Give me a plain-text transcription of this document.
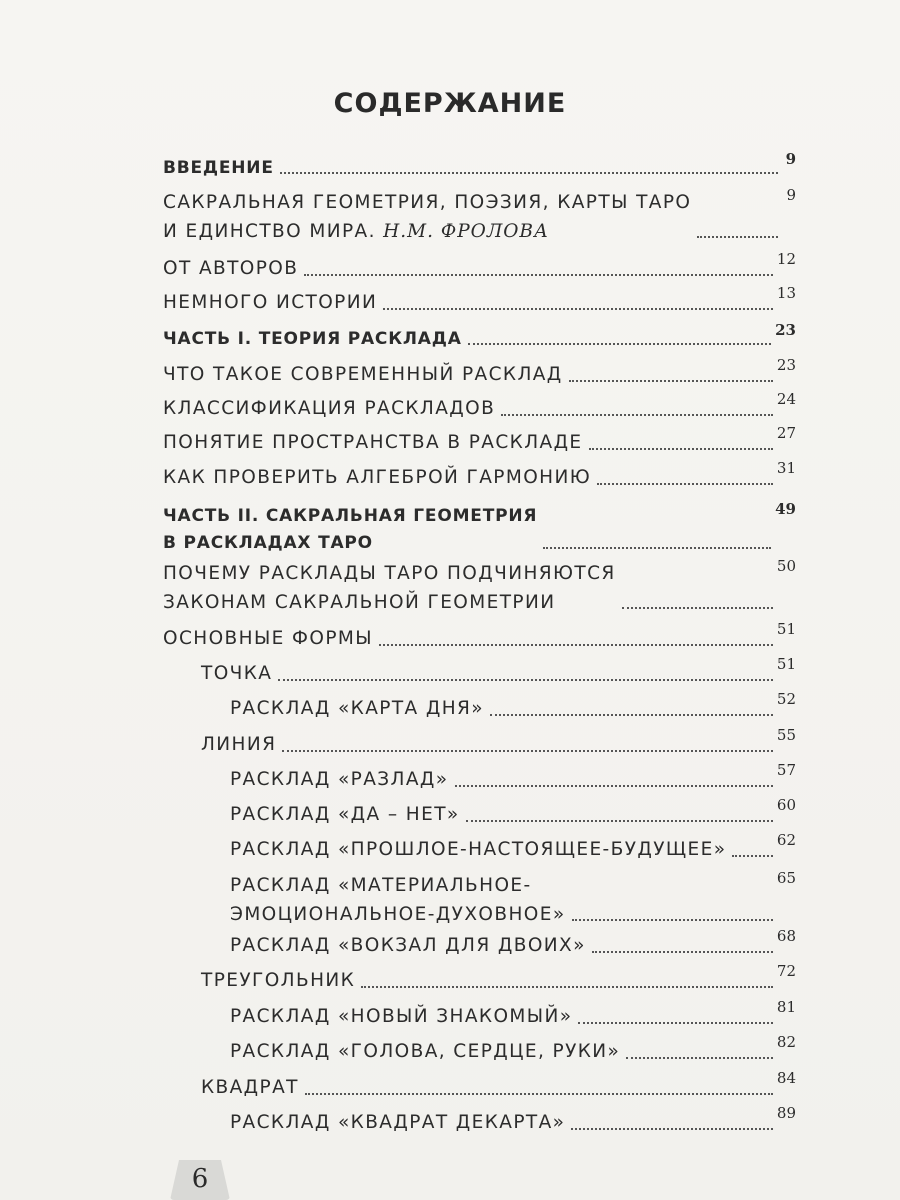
СОДЕРЖАНИЕ
ВВЕДЕНИЕ	9
САКРАЛЬНАЯ ГЕОМЕТРИЯ, ПОЭЗИЯ, КАРТЫ ТАРО
И ЕДИНСТВО МИРА. Н.М. ФРОЛОВА
9
ОТ АВТОРОВ	12
НЕМНОГО ИСТОРИИ	13
ЧАСТЬ I. ТЕОРИЯ РАСКЛАДА	23
ЧТО ТАКОЕ СОВРЕМЕННЫЙ РАСКЛАД	23
КЛАССИФИКАЦИЯ РАСКЛАДОВ	24
ПОНЯТИЕ ПРОСТРАНСТВА В РАСКЛАДЕ	27
КАК ПРОВЕРИТЬ АЛГЕБРОЙ ГАРМОНИЮ	31
ЧАСТЬ II. САКРАЛЬНАЯ ГЕОМЕТРИЯ
В РАСКЛАДАХ ТАРО
49
ПОЧЕМУ РАСКЛАДЫ ТАРО ПОДЧИНЯЮТСЯ
ЗАКОНАМ САКРАЛЬНОЙ ГЕОМЕТРИИ
50
ОСНОВНЫЕ ФОРМЫ	51
ТОЧКА	51
РАСКЛАД «КАРТА ДНЯ»	52
ЛИНИЯ	55
РАСКЛАД «РАЗЛАД»	57
РАСКЛАД «ДА – НЕТ»	60
РАСКЛАД «ПРОШЛОЕ-НАСТОЯЩЕЕ-БУДУЩЕЕ»	62
РАСКЛАД «МАТЕРИАЛЬНОЕ-
ЭМОЦИОНАЛЬНОЕ-ДУХОВНОЕ»
65
РАСКЛАД «ВОКЗАЛ ДЛЯ ДВОИХ»	68
ТРЕУГОЛЬНИК	72
РАСКЛАД «НОВЫЙ ЗНАКОМЫЙ»	81
РАСКЛАД «ГОЛОВА, СЕРДЦЕ, РУКИ»	82
КВАДРАТ	84
РАСКЛАД «КВАДРАТ ДЕКАРТА»	89
6
